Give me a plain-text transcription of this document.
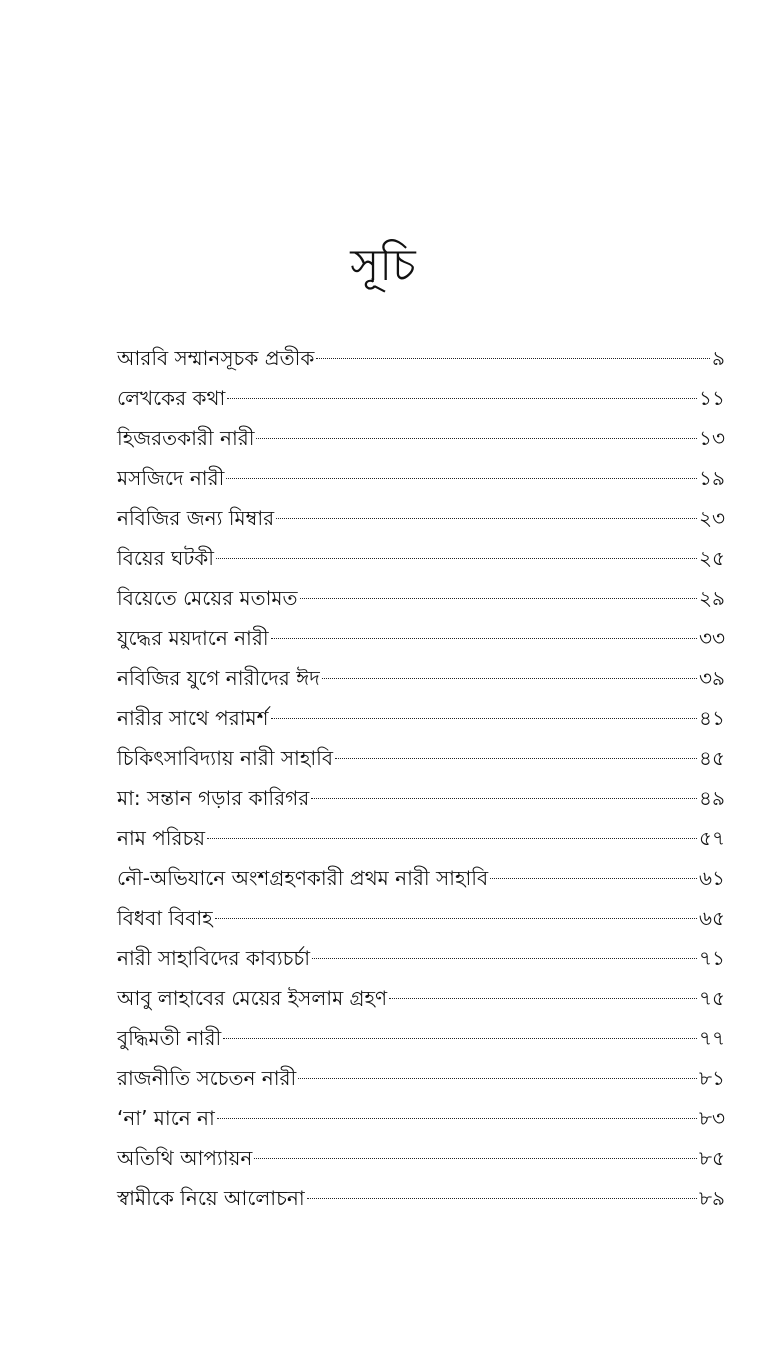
সূচি
আরবি সম্মানসূচক প্রতীক	৯
লেখকের কথা	১১
হিজরতকারী নারী	১৩
মসজিদে নারী	১৯
নবিজির জন্য মিম্বার	২৩
বিয়ের ঘটকী	২৫
বিয়েতে মেয়ের মতামত	২৯
যুদ্ধের ময়দানে নারী	৩৩
নবিজির যুগে নারীদের ঈদ	৩৯
নারীর সাথে পরামর্শ	৪১
চিকিৎসাবিদ্যায় নারী সাহাবি	৪৫
মা: সন্তান গড়ার কারিগর	৪৯
নাম পরিচয়	৫৭
নৌ-অভিযানে অংশগ্রহণকারী প্রথম নারী সাহাবি	৬১
বিধবা বিবাহ	৬৫
নারী সাহাবিদের কাব্যচর্চা	৭১
আবু লাহাবের মেয়ের ইসলাম গ্রহণ	৭৫
বুদ্ধিমতী নারী	৭৭
রাজনীতি সচেতন নারী	৮১
‘না’ মানে না	৮৩
অতিথি আপ্যায়ন	৮৫
স্বামীকে নিয়ে আলোচনা	৮৯
